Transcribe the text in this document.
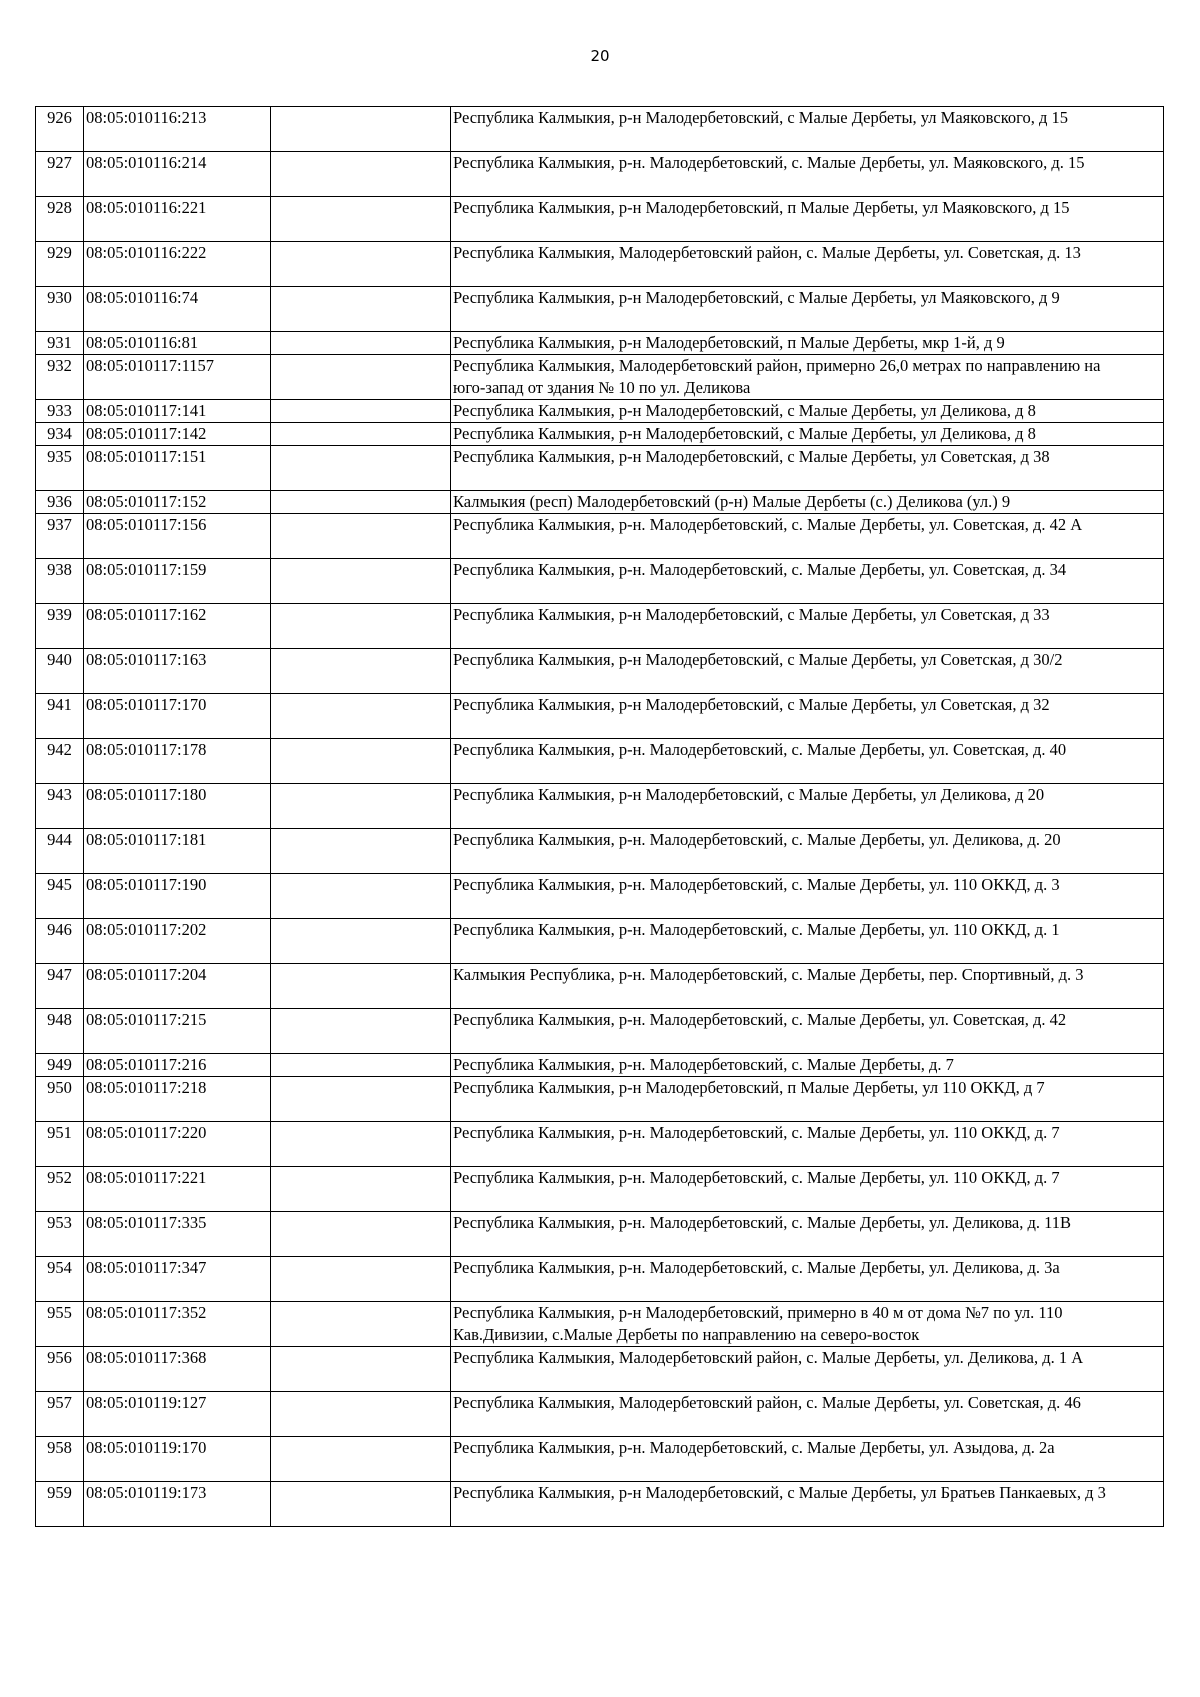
20
926	08:05:010116:213		Республика Калмыкия, р-н Малодербетовский, с Малые Дербеты, ул Маяковского, д 15

927	08:05:010116:214		Республика Калмыкия, р-н. Малодербетовский, с. Малые Дербеты, ул. Маяковского, д. 15

928	08:05:010116:221		Республика Калмыкия, р-н Малодербетовский, п Малые Дербеты, ул Маяковского, д 15

929	08:05:010116:222		Республика Калмыкия, Малодербетовский район, с. Малые Дербеты, ул. Советская, д. 13

930	08:05:010116:74		Республика Калмыкия, р-н Малодербетовский, с Малые Дербеты, ул Маяковского, д 9

931	08:05:010116:81		Республика Калмыкия, р-н Малодербетовский, п Малые Дербеты, мкр 1-й, д 9

932	08:05:010117:1157		Республика Калмыкия, Малодербетовский район, примерно 26,0 метрах по направлению на
юго-запад от здания № 10 по ул. Деликова

933	08:05:010117:141		Республика Калмыкия, р-н Малодербетовский, с Малые Дербеты, ул Деликова, д 8

934	08:05:010117:142		Республика Калмыкия, р-н Малодербетовский, с Малые Дербеты, ул Деликова, д 8

935	08:05:010117:151		Республика Калмыкия, р-н Малодербетовский, с Малые Дербеты, ул Советская, д 38

936	08:05:010117:152		Калмыкия (респ) Малодербетовский (р-н) Малые Дербеты (с.) Деликова (ул.) 9

937	08:05:010117:156		Республика Калмыкия, р-н. Малодербетовский, с. Малые Дербеты, ул. Советская, д. 42 А

938	08:05:010117:159		Республика Калмыкия, р-н. Малодербетовский, с. Малые Дербеты, ул. Советская, д. 34

939	08:05:010117:162		Республика Калмыкия, р-н Малодербетовский, с Малые Дербеты, ул Советская, д 33

940	08:05:010117:163		Республика Калмыкия, р-н Малодербетовский, с Малые Дербеты, ул Советская, д 30/2

941	08:05:010117:170		Республика Калмыкия, р-н Малодербетовский, с Малые Дербеты, ул Советская, д 32

942	08:05:010117:178		Республика Калмыкия, р-н. Малодербетовский, с. Малые Дербеты, ул. Советская, д. 40

943	08:05:010117:180		Республика Калмыкия, р-н Малодербетовский, с Малые Дербеты, ул Деликова, д 20

944	08:05:010117:181		Республика Калмыкия, р-н. Малодербетовский, с. Малые Дербеты, ул. Деликова, д. 20

945	08:05:010117:190		Республика Калмыкия, р-н. Малодербетовский, с. Малые Дербеты, ул. 110 ОККД, д. 3

946	08:05:010117:202		Республика Калмыкия, р-н. Малодербетовский, с. Малые Дербеты, ул. 110 ОККД, д. 1

947	08:05:010117:204		Калмыкия Республика, р-н. Малодербетовский, с. Малые Дербеты, пер. Спортивный, д. 3

948	08:05:010117:215		Республика Калмыкия, р-н. Малодербетовский, с. Малые Дербеты, ул. Советская, д. 42

949	08:05:010117:216		Республика Калмыкия, р-н. Малодербетовский, с. Малые Дербеты, д. 7

950	08:05:010117:218		Республика Калмыкия, р-н Малодербетовский, п Малые Дербеты, ул 110 ОККД, д 7

951	08:05:010117:220		Республика Калмыкия, р-н. Малодербетовский, с. Малые Дербеты, ул. 110 ОККД, д. 7

952	08:05:010117:221		Республика Калмыкия, р-н. Малодербетовский, с. Малые Дербеты, ул. 110 ОККД, д. 7

953	08:05:010117:335		Республика Калмыкия, р-н. Малодербетовский, с. Малые Дербеты, ул. Деликова, д. 11В

954	08:05:010117:347		Республика Калмыкия, р-н. Малодербетовский, с. Малые Дербеты, ул. Деликова, д. 3а

955	08:05:010117:352		Республика Калмыкия, р-н Малодербетовский, примерно в 40 м от дома №7 по ул. 110
Кав.Дивизии, с.Малые Дербеты по направлению на северо-восток

956	08:05:010117:368		Республика Калмыкия, Малодербетовский район, с. Малые Дербеты, ул. Деликова, д. 1 А

957	08:05:010119:127		Республика Калмыкия, Малодербетовский район, с. Малые Дербеты, ул. Советская, д. 46

958	08:05:010119:170		Республика Калмыкия, р-н. Малодербетовский, с. Малые Дербеты, ул. Азыдова, д. 2а

959	08:05:010119:173		Республика Калмыкия, р-н Малодербетовский, с Малые Дербеты, ул Братьев Панкаевых, д 3
